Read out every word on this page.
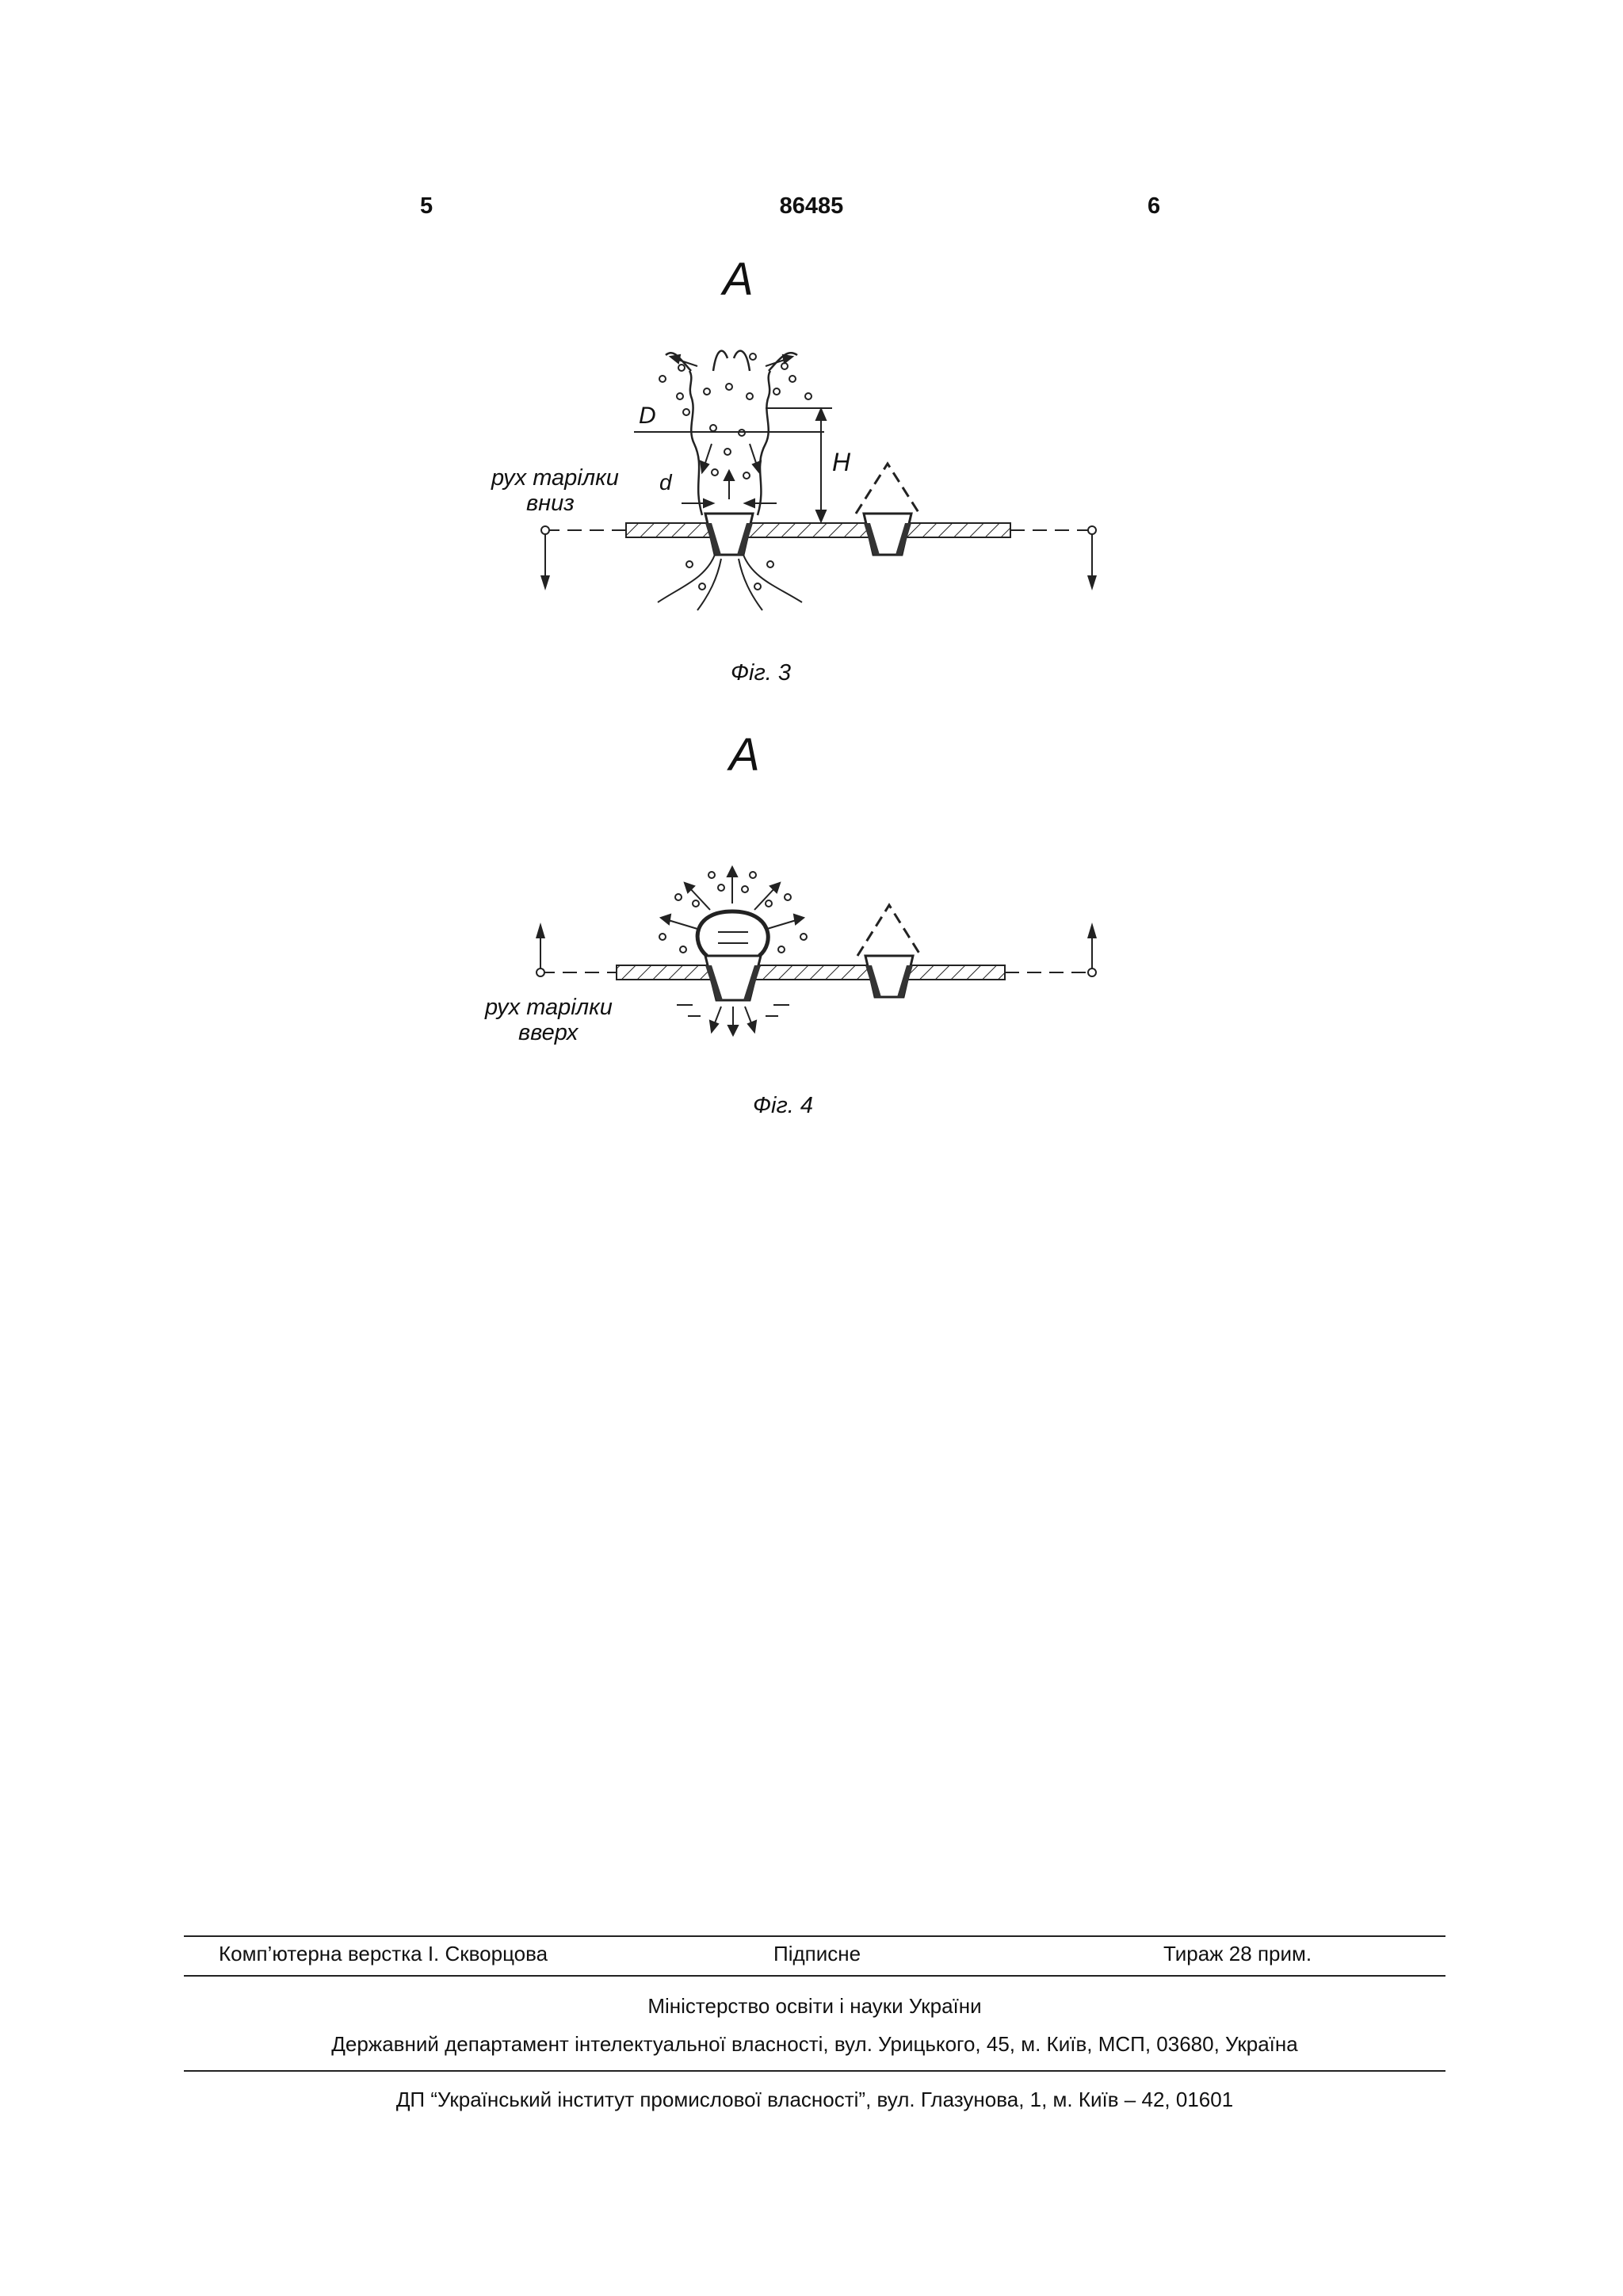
5	86485	6
A
D
d
H
рух тарілки
вниз
Фіг. 3
A
рух тарілки
вверх
Фіг. 4
Комп’ютерна верстка І. Скворцова	Підписне	Тираж 28 прим.
Міністерство освіти і науки України
Державний департамент інтелектуальної власності, вул. Урицького, 45, м. Київ, МСП, 03680, Україна
ДП “Український інститут промислової власності”, вул. Глазунова, 1, м. Київ – 42, 01601
